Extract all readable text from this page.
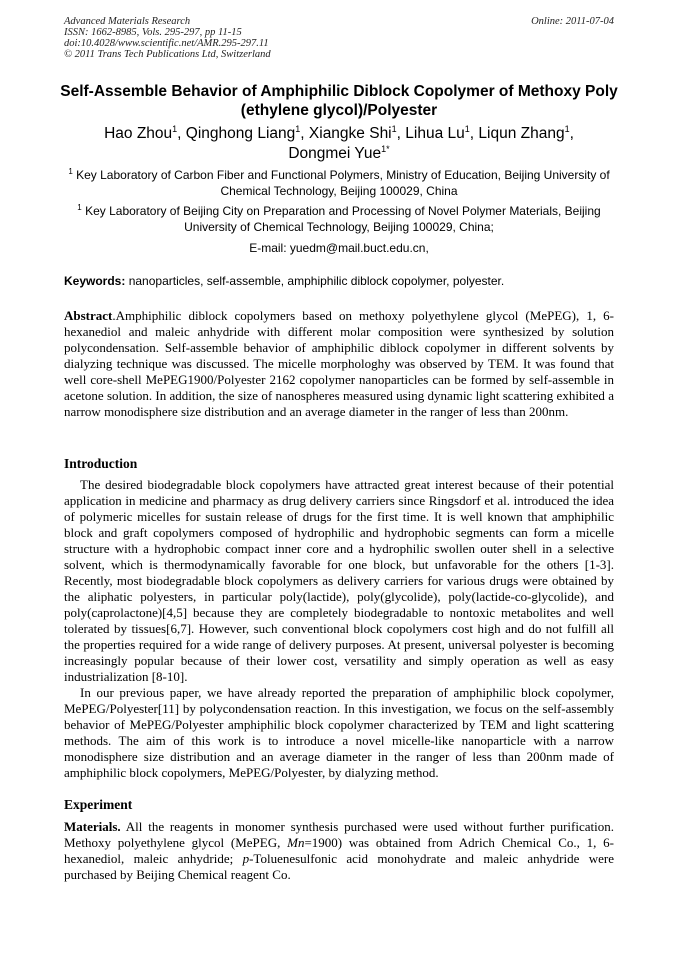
Advanced Materials Research
ISSN: 1662-8985, Vols. 295-297, pp 11-15
doi:10.4028/www.scientific.net/AMR.295-297.11
© 2011 Trans Tech Publications Ltd, Switzerland
Online: 2011-07-04
Self-Assemble Behavior of Amphiphilic Diblock Copolymer of Methoxy Poly (ethylene glycol)/Polyester
Hao Zhou$^1$, Qinghong Liang$^1$, Xiangke Shi$^1$, Lihua Lu$^1$, Liqun Zhang$^1$,
Dongmei Yue$^{1*}$
$^1$ Key Laboratory of Carbon Fiber and Functional Polymers, Ministry of Education, Beijing University of Chemical Technology, Beijing 100029, China
$^1$ Key Laboratory of Beijing City on Preparation and Processing of Novel Polymer Materials, Beijing University of Chemical Technology, Beijing 100029, China;
E-mail: yuedm@mail.buct.edu.cn,
Keywords: nanoparticles, self-assemble, amphiphilic diblock copolymer, polyester.
Abstract.Amphiphilic diblock copolymers based on methoxy polyethylene glycol (MePEG), 1, 6-hexanediol and maleic anhydride with different molar composition were synthesized by solution polycondensation. Self-assemble behavior of amphiphilic diblock copolymer in different solvents by dialyzing technique was discussed. The micelle morphologhy was observed by TEM. It was found that well core-shell MePEG1900/Polyester 2162 copolymer nanoparticles can be formed by self-assemble in acetone solution. In addition, the size of nanospheres measured using dynamic light scattering exhibited a narrow monodisphere size distribution and an average diameter in the ranger of less than 200nm.
Introduction

The desired biodegradable block copolymers have attracted great interest because of their potential application in medicine and pharmacy as drug delivery carriers since Ringsdorf et al. introduced the idea of polymeric micelles for sustain release of drugs for the first time. It is well known that amphiphilic block and graft copolymers composed of hydrophilic and hydrophobic segments can form a micelle structure with a hydrophobic compact inner core and a hydrophilic swollen outer shell in a selective solvent, which is thermodynamically favorable for one block, but unfavorable for the others [1-3]. Recently, most biodegradable block copolymers as delivery carriers for various drugs were obtained by the aliphatic polyesters, in particular poly(lactide), poly(glycolide), poly(lactide-co-glycolide), and poly(caprolactone)[4,5] because they are completely biodegradable to nontoxic metabolites and well tolerated by tissues[6,7]. However, such conventional block copolymers cost high and do not fulfill all the properties required for a wide range of delivery purposes. At present, universal polyester is becoming increasingly popular because of their lower cost, versatility and simply operation as well as easy industrialization [8-10].

In our previous paper, we have already reported the preparation of amphiphilic block copolymer, MePEG/Polyester[11] by polycondensation reaction. In this investigation, we focus on the self-assembly behavior of MePEG/Polyester amphiphilic block copolymer characterized by TEM and light scattering methods. The aim of this work is to introduce a novel micelle-like nanoparticle with a narrow monodisphere size distribution and an average diameter in the ranger of less than 200nm made of amphiphilic block copolymers, MePEG/Polyester, by dialyzing method.

Experiment
Materials. All the reagents in monomer synthesis purchased were used without further purification. Methoxy polyethylene glycol (MePEG, Mn=1900) was obtained from Adrich Chemical Co., 1, 6-hexanediol, maleic anhydride; p-Toluenesulfonic acid monohydrate and maleic anhydride were purchased by Beijing Chemical reagent Co.
